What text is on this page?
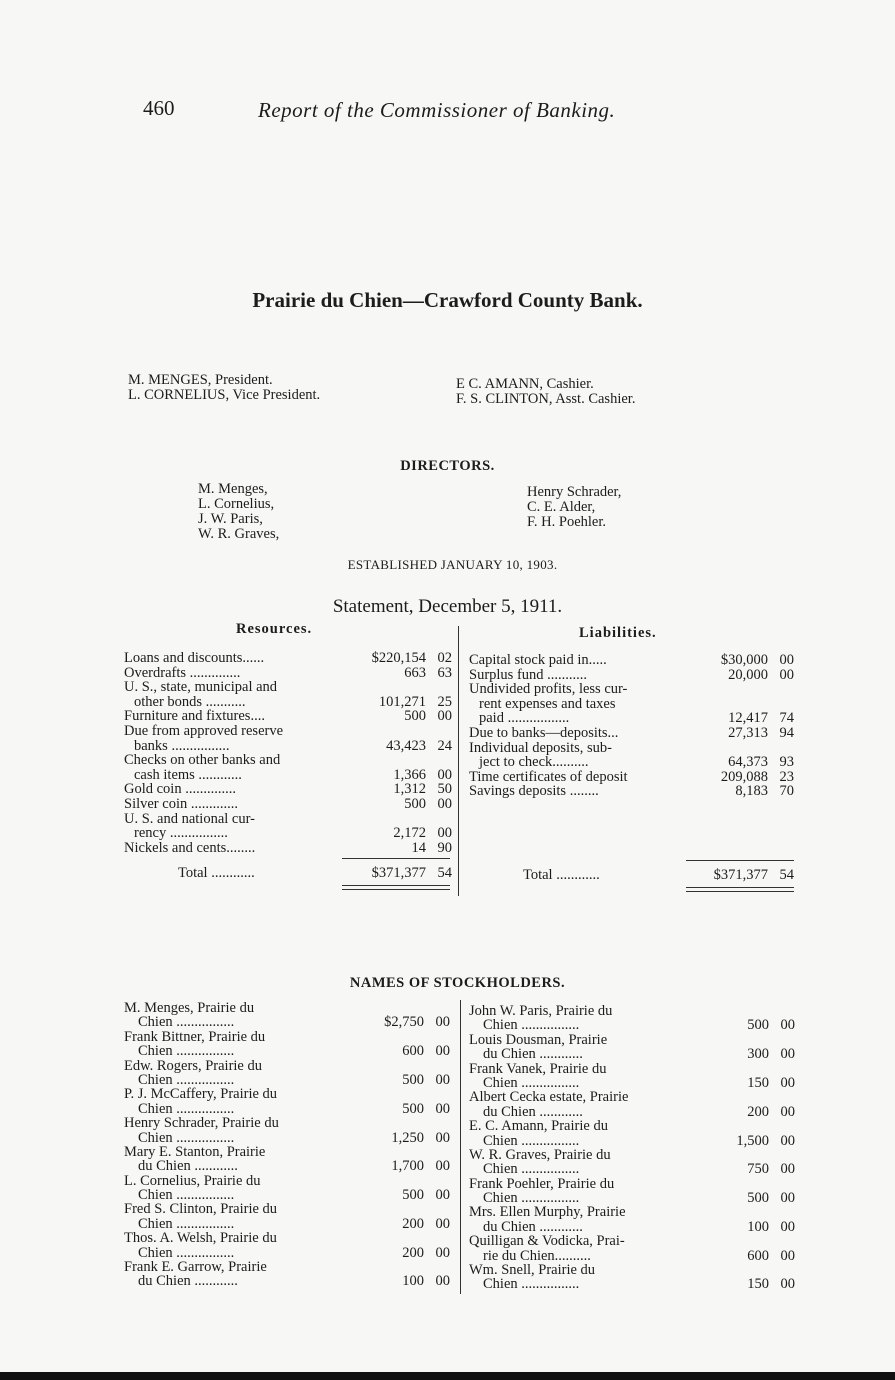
460	Report of the Commissioner of Banking.
Prairie du Chien—Crawford County Bank.
M. MENGES, President.
L. CORNELIUS, Vice President.
E C. AMANN, Cashier.
F. S. CLINTON, Asst. Cashier.
DIRECTORS.
M. Menges,
L. Cornelius,
J. W. Paris,
W. R. Graves,
Henry Schrader,
C. E. Alder,
F. H. Poehler.
ESTABLISHED JANUARY 10, 1903.
Statement, December 5, 1911.
Resources.	Liabilities.
Loans and discounts......	$220,154 02
Overdrafts ..............	663 63
U. S., state, municipal and
other bonds ...........	101,271 25
Furniture and fixtures....	500 00
Due from approved reserve
banks ................	43,423 24
Checks on other banks and
cash items ............	1,366 00
Gold coin ..............	1,312 50
Silver coin .............	500 00
U. S. and national cur-
rency ................	2,172 00
Nickels and cents........	14 90
Total ............	$371,377 54
Capital stock paid in.....	$30,000 00
Surplus fund ...........	20,000 00
Undivided profits, less cur-
rent expenses and taxes
paid .................	12,417 74
Due to banks—deposits...	27,313 94
Individual deposits, sub-
ject to check..........	64,373 93
Time certificates of deposit	209,088 23
Savings deposits ........	8,183 70
Total ............	$371,377 54
NAMES OF STOCKHOLDERS.
M. Menges, Prairie du
Chien ................	$2,750 00
Frank Bittner, Prairie du
Chien ................	600 00
Edw. Rogers, Prairie du
Chien ................	500 00
P. J. McCaffery, Prairie du
Chien ................	500 00
Henry Schrader, Prairie du
Chien ................	1,250 00
Mary E. Stanton, Prairie
du Chien ............	1,700 00
L. Cornelius, Prairie du
Chien ................	500 00
Fred S. Clinton, Prairie du
Chien ................	200 00
Thos. A. Welsh, Prairie du
Chien ................	200 00
Frank E. Garrow, Prairie
du Chien ............	100 00
John W. Paris, Prairie du
Chien ................	500 00
Louis Dousman, Prairie
du Chien ............	300 00
Frank Vanek, Prairie du
Chien ................	150 00
Albert Cecka estate, Prairie
du Chien ............	200 00
E. C. Amann, Prairie du
Chien ................	1,500 00
W. R. Graves, Prairie du
Chien ................	750 00
Frank Poehler, Prairie du
Chien ................	500 00
Mrs. Ellen Murphy, Prairie
du Chien ............	100 00
Quilligan & Vodicka, Prai-
rie du Chien..........	600 00
Wm. Snell, Prairie du
Chien ................	150 00
